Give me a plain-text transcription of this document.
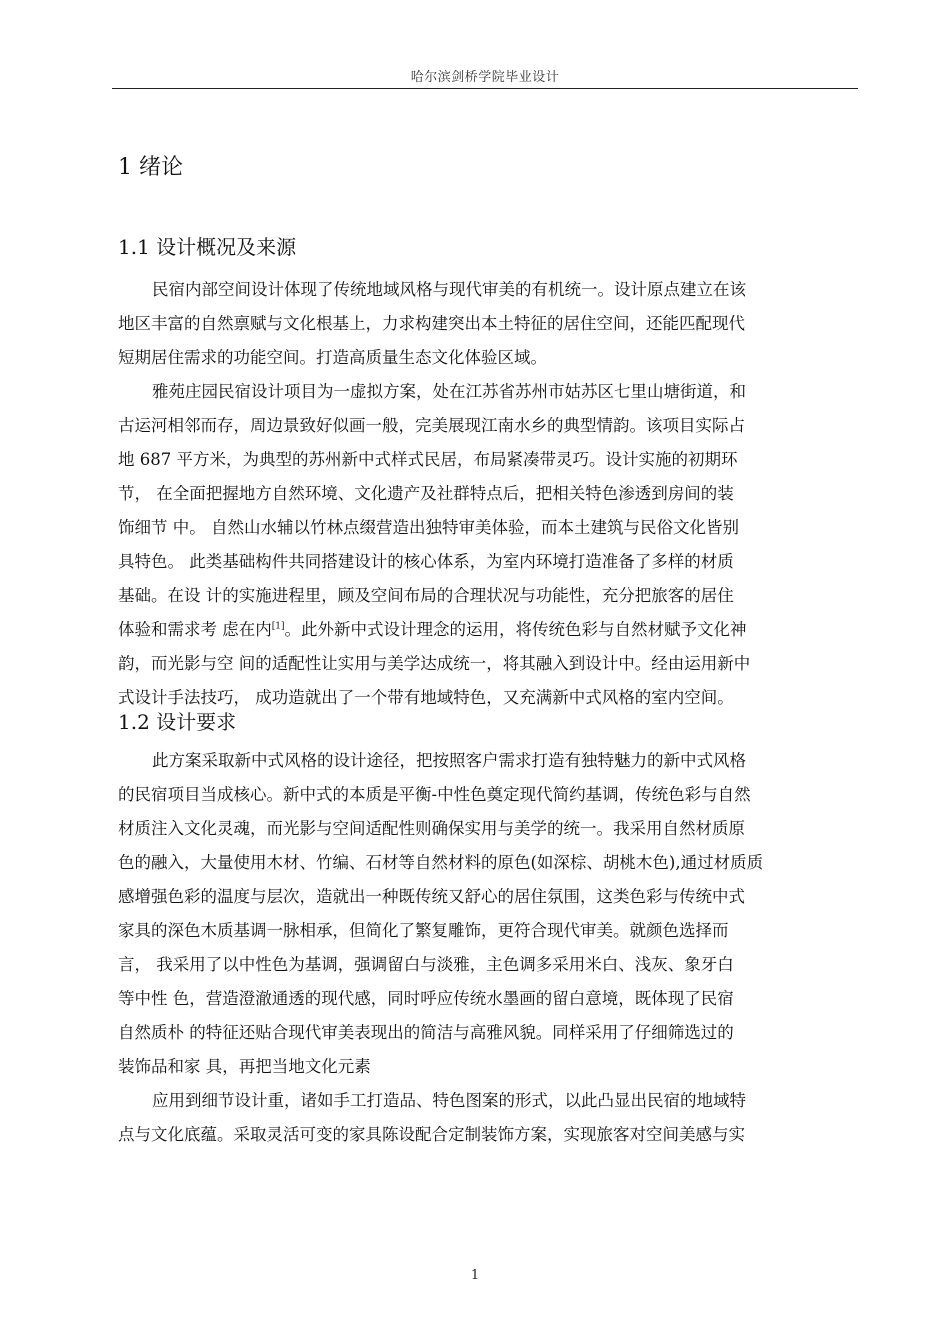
哈尔滨剑桥学院毕业设计
1 绪论
1.1 设计概况及来源
民宿内部空间设计体现了传统地域风格与现代审美的有机统一。设计原点建立在该
地区丰富的自然禀赋与文化根基上，力求构建突出本土特征的居住空间，还能匹配现代
短期居住需求的功能空间。打造高质量生态文化体验区域。
雅苑庄园民宿设计项目为一虚拟方案，处在江苏省苏州市姑苏区七里山塘街道，和
古运河相邻而存，周边景致好似画一般，完美展现江南水乡的典型情韵。该项目实际占
地 687 平方米，为典型的苏州新中式样式民居，布局紧凑带灵巧。设计实施的初期环
节， 在全面把握地方自然环境、文化遗产及社群特点后，把相关特色渗透到房间的装
饰细节 中。 自然山水辅以竹林点缀营造出独特审美体验，而本土建筑与民俗文化皆别
具特色。 此类基础构件共同搭建设计的核心体系，为室内环境打造准备了多样的材质
基础。在设 计的实施进程里，顾及空间布局的合理状况与功能性，充分把旅客的居住
体验和需求考 虑在内[1]。此外新中式设计理念的运用，将传统色彩与自然材赋予文化神
韵，而光影与空 间的适配性让实用与美学达成统一，将其融入到设计中。经由运用新中
式设计手法技巧， 成功造就出了一个带有地域特色，又充满新中式风格的室内空间。
1.2 设计要求
此方案采取新中式风格的设计途径，把按照客户需求打造有独特魅力的新中式风格
的民宿项目当成核心。新中式的本质是平衡-中性色奠定现代简约基调，传统色彩与自然
材质注入文化灵魂，而光影与空间适配性则确保实用与美学的统一。我采用自然材质原
色的融入，大量使用木材、竹编、石材等自然材料的原色(如深棕、胡桃木色),通过材质质
感增强色彩的温度与层次，造就出一种既传统又舒心的居住氛围，这类色彩与传统中式
家具的深色木质基调一脉相承，但简化了繁复雕饰，更符合现代审美。就颜色选择而
言， 我采用了以中性色为基调，强调留白与淡雅，主色调多采用米白、浅灰、象牙白
等中性 色，营造澄澈通透的现代感，同时呼应传统水墨画的留白意境，既体现了民宿
自然质朴 的特征还贴合现代审美表现出的简洁与高雅风貌。同样采用了仔细筛选过的
装饰品和家 具，再把当地文化元素
应用到细节设计重，诸如手工打造品、特色图案的形式，以此凸显出民宿的地域特
点与文化底蕴。采取灵活可变的家具陈设配合定制装饰方案，实现旅客对空间美感与实
1
